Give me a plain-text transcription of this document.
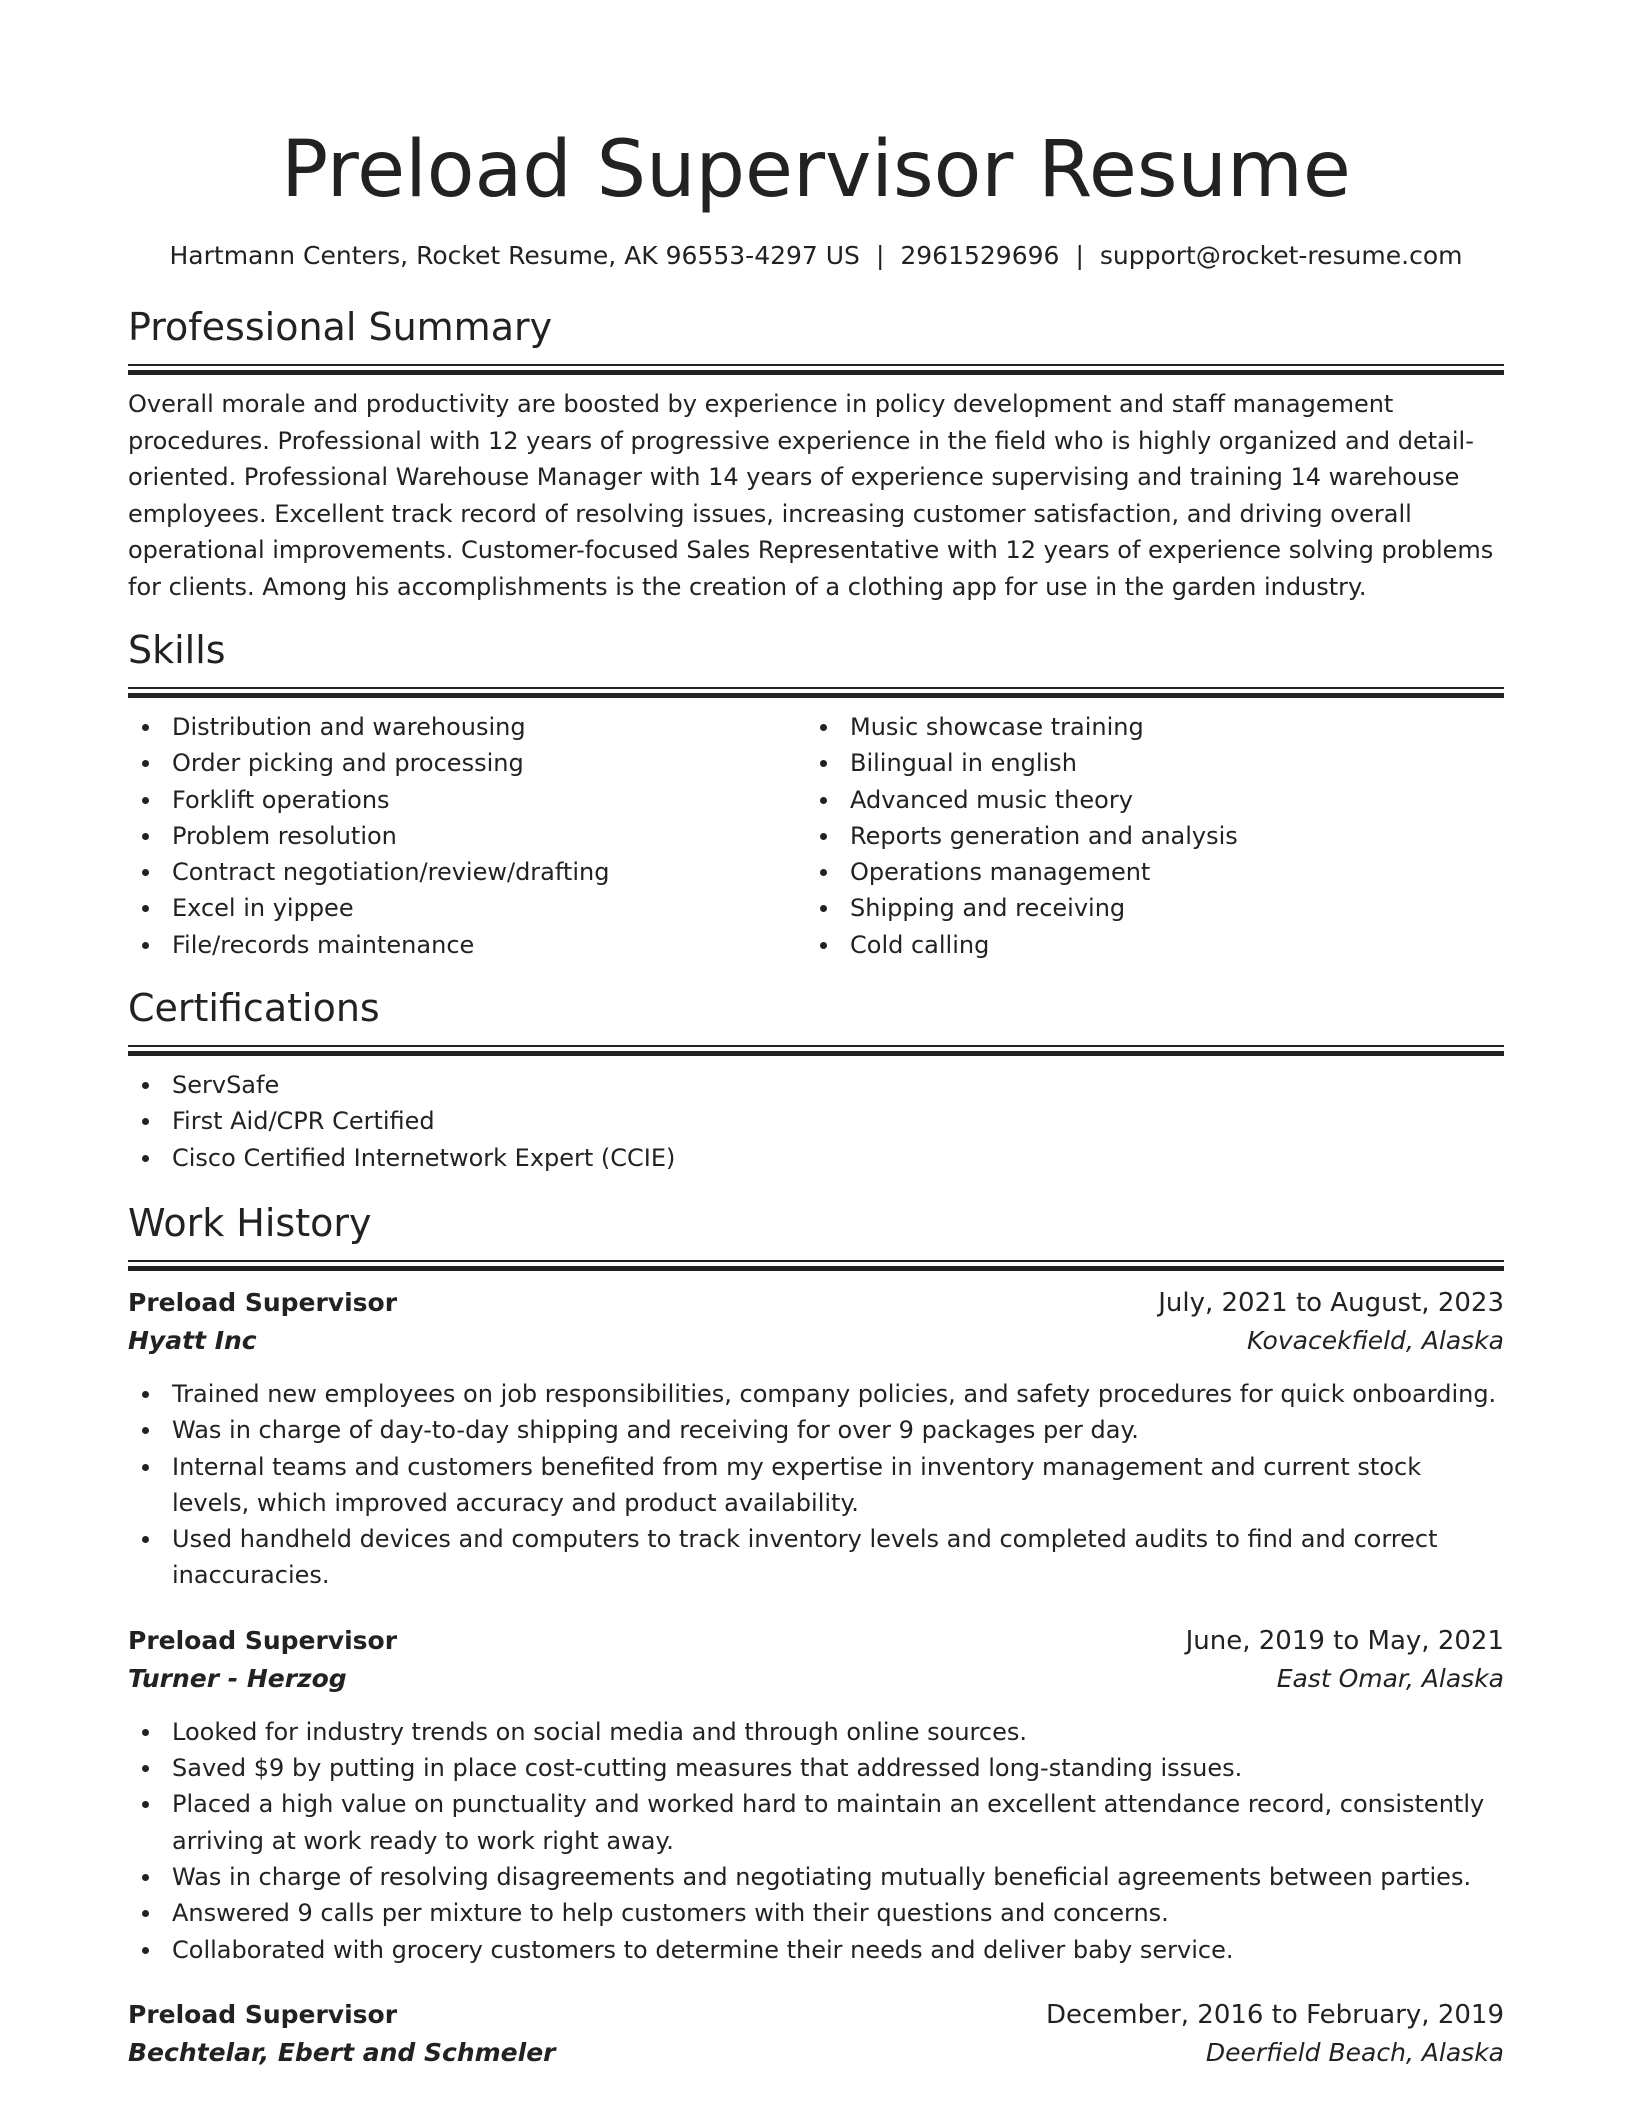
Preload Supervisor Resume
Hartmann Centers, Rocket Resume, AK 96553-4297 US | 2961529696 | support@rocket-resume.com
Professional Summary

Overall morale and productivity are boosted by experience in policy development and staff management procedures. Professional with 12 years of progressive experience in the field who is highly organized and detail-oriented. Professional Warehouse Manager with 14 years of experience supervising and training 14 warehouse employees. Excellent track record of resolving issues, increasing customer satisfaction, and driving overall operational improvements. Customer-focused Sales Representative with 12 years of experience solving problems for clients. Among his accomplishments is the creation of a clothing app for use in the garden industry.

Skills
Distribution and warehousing
Order picking and processing
Forklift operations
Problem resolution
Contract negotiation/review/drafting
Excel in yippee
File/records maintenance
Music showcase training
Bilingual in english
Advanced music theory
Reports generation and analysis
Operations management
Shipping and receiving
Cold calling
Certifications
ServSafe
First Aid/CPR Certified
Cisco Certified Internetwork Expert (CCIE)
Work History
Preload Supervisor	July, 2021 to August, 2023
Hyatt Inc	Kovacekfield, Alaska
Trained new employees on job responsibilities, company policies, and safety procedures for quick onboarding.
Was in charge of day-to-day shipping and receiving for over 9 packages per day.
Internal teams and customers benefited from my expertise in inventory management and current stock levels, which improved accuracy and product availability.
Used handheld devices and computers to track inventory levels and completed audits to find and correct inaccuracies.
Preload Supervisor	June, 2019 to May, 2021
Turner - Herzog	East Omar, Alaska
Looked for industry trends on social media and through online sources.
Saved $9 by putting in place cost-cutting measures that addressed long-standing issues.
Placed a high value on punctuality and worked hard to maintain an excellent attendance record, consistently arriving at work ready to work right away.
Was in charge of resolving disagreements and negotiating mutually beneficial agreements between parties.
Answered 9 calls per mixture to help customers with their questions and concerns.
Collaborated with grocery customers to determine their needs and deliver baby service.
Preload Supervisor	December, 2016 to February, 2019
Bechtelar, Ebert and Schmeler	Deerfield Beach, Alaska
